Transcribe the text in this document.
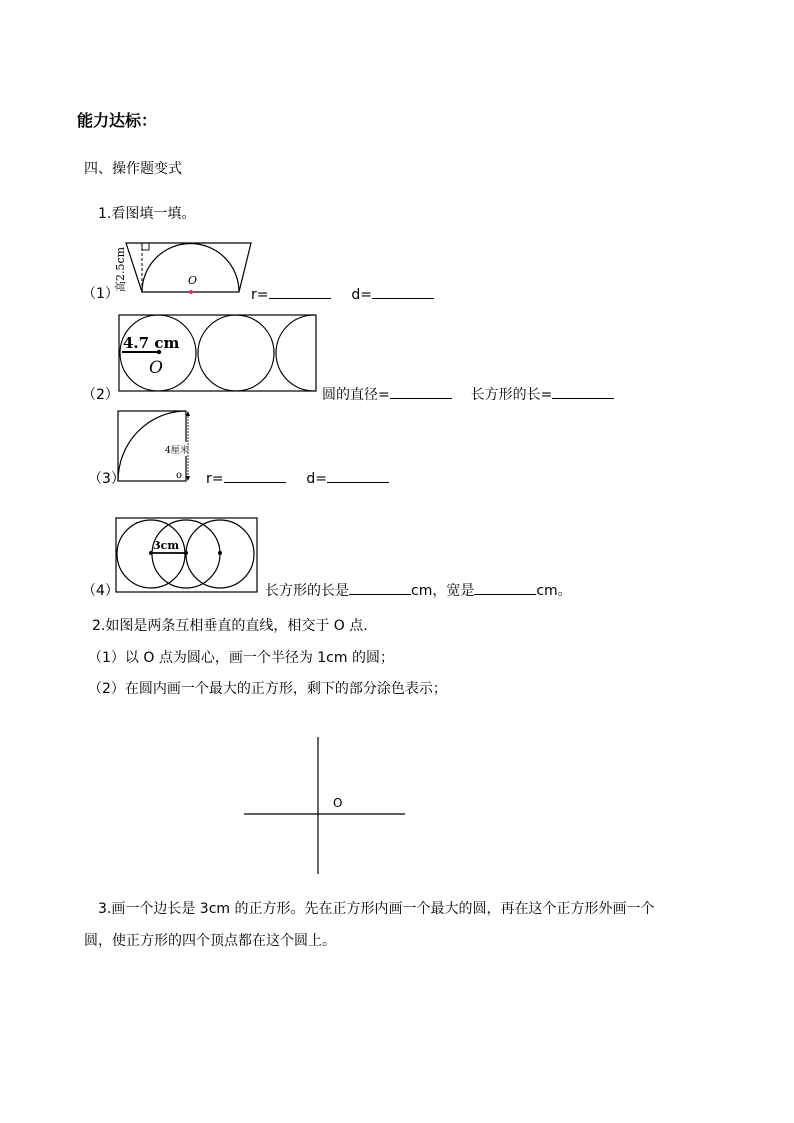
能力达标：
四、操作题变式
1.看图填一填。
（1）
O
高2.5cm
r=	d=
（2）
4.7 cm
O
圆的直径=	长方形的长=
（3）
4厘米
o r=	d=
（4）
3cm
长方形的长是	cm，宽是	cm。
2.如图是两条互相垂直的直线，相交于 O 点.
（1）以 O 点为圆心，画一个半径为 1cm 的圆；
（2）在圆内画一个最大的正方形，剩下的部分涂色表示；
O
3.画一个边长是 3cm 的正方形。先在正方形内画一个最大的圆，再在这个正方形外画一个
圆，使正方形的四个顶点都在这个圆上。
